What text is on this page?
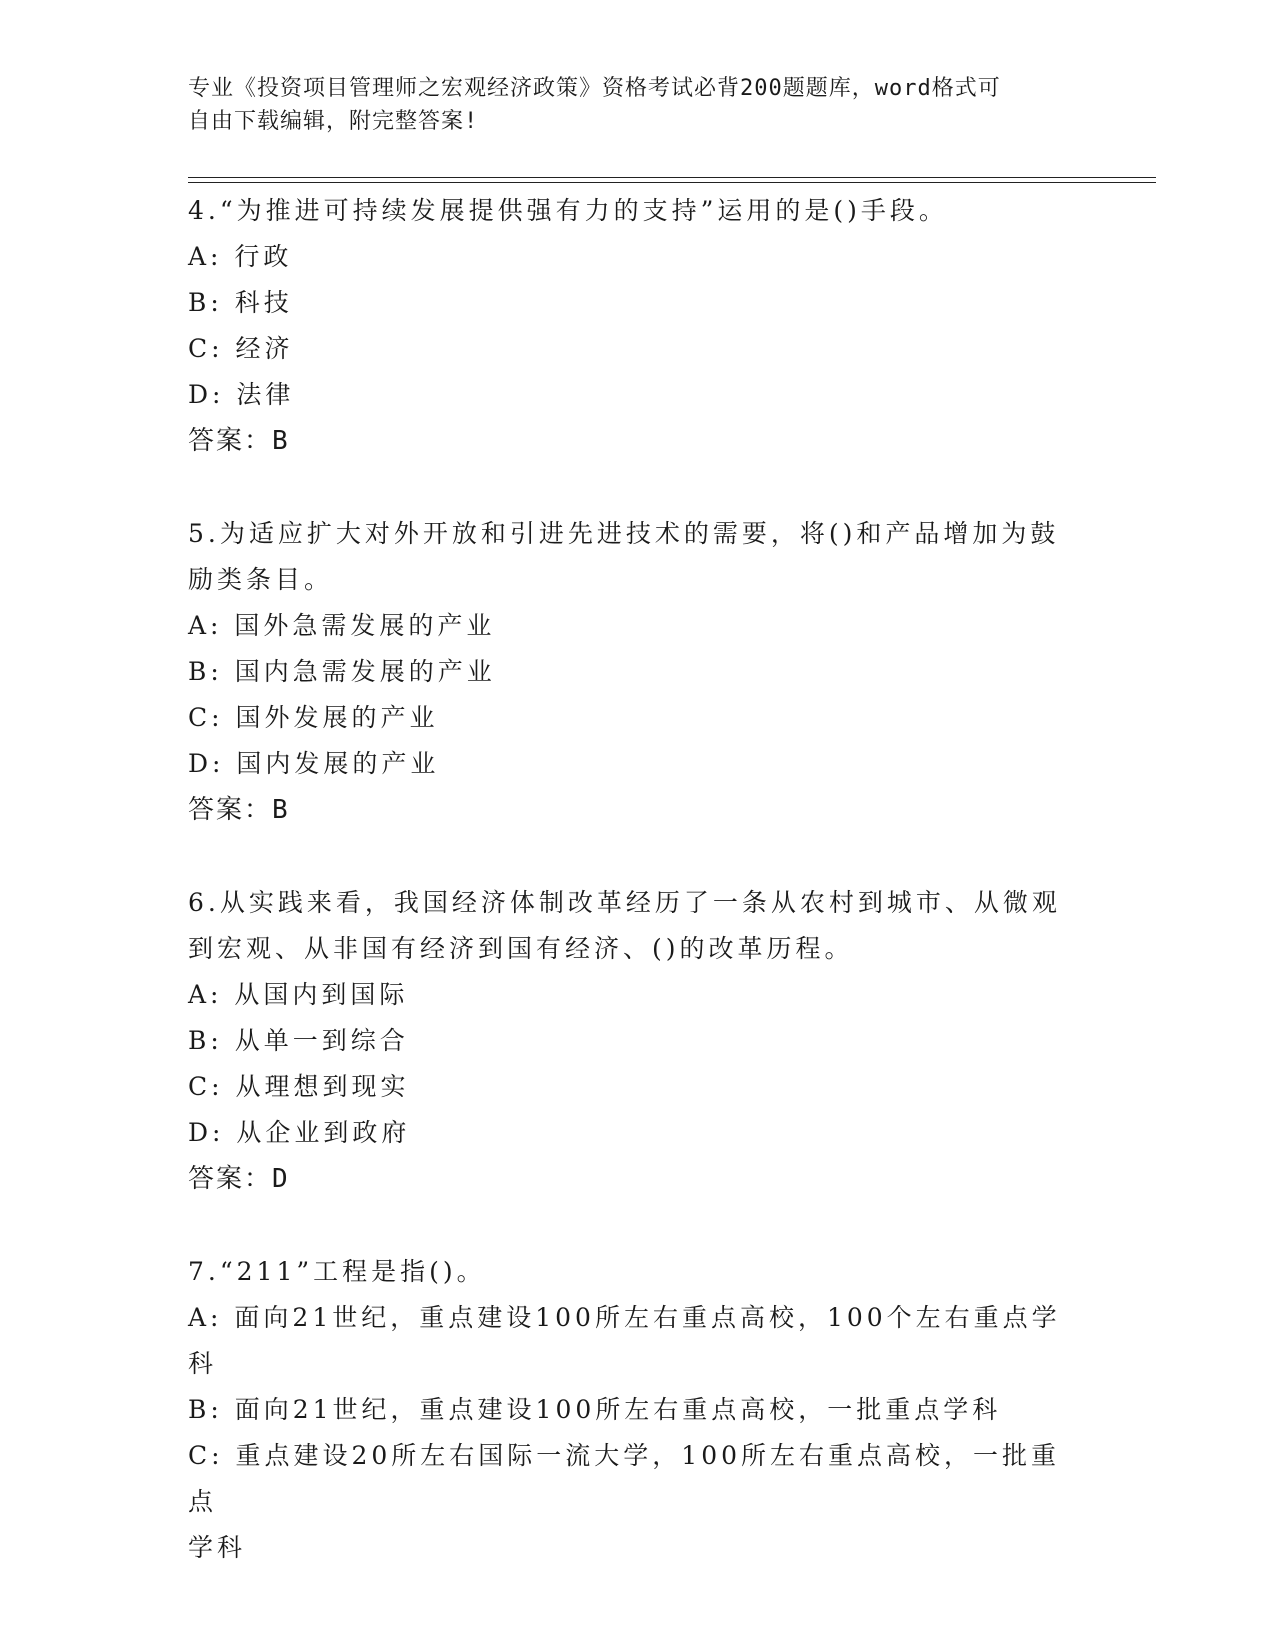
专业《投资项目管理师之宏观经济政策》资格考试必背200题题库，word格式可
自由下载编辑，附完整答案!
4.“为推进可持续发展提供强有力的支持”运用的是()手段。
A: 行政
B: 科技
C: 经济
D: 法律
答案：B
5.为适应扩大对外开放和引进先进技术的需要，将()和产品增加为鼓
励类条目。
A: 国外急需发展的产业
B: 国内急需发展的产业
C: 国外发展的产业
D: 国内发展的产业
答案：B
6.从实践来看，我国经济体制改革经历了一条从农村到城市、从微观
到宏观、从非国有经济到国有经济、()的改革历程。
A: 从国内到国际
B: 从单一到综合
C: 从理想到现实
D: 从企业到政府
答案：D
7.“211”工程是指()。
A: 面向21世纪，重点建设100所左右重点高校，100个左右重点学科
B: 面向21世纪，重点建设100所左右重点高校，一批重点学科
C: 重点建设20所左右国际一流大学，100所左右重点高校，一批重点
学科
